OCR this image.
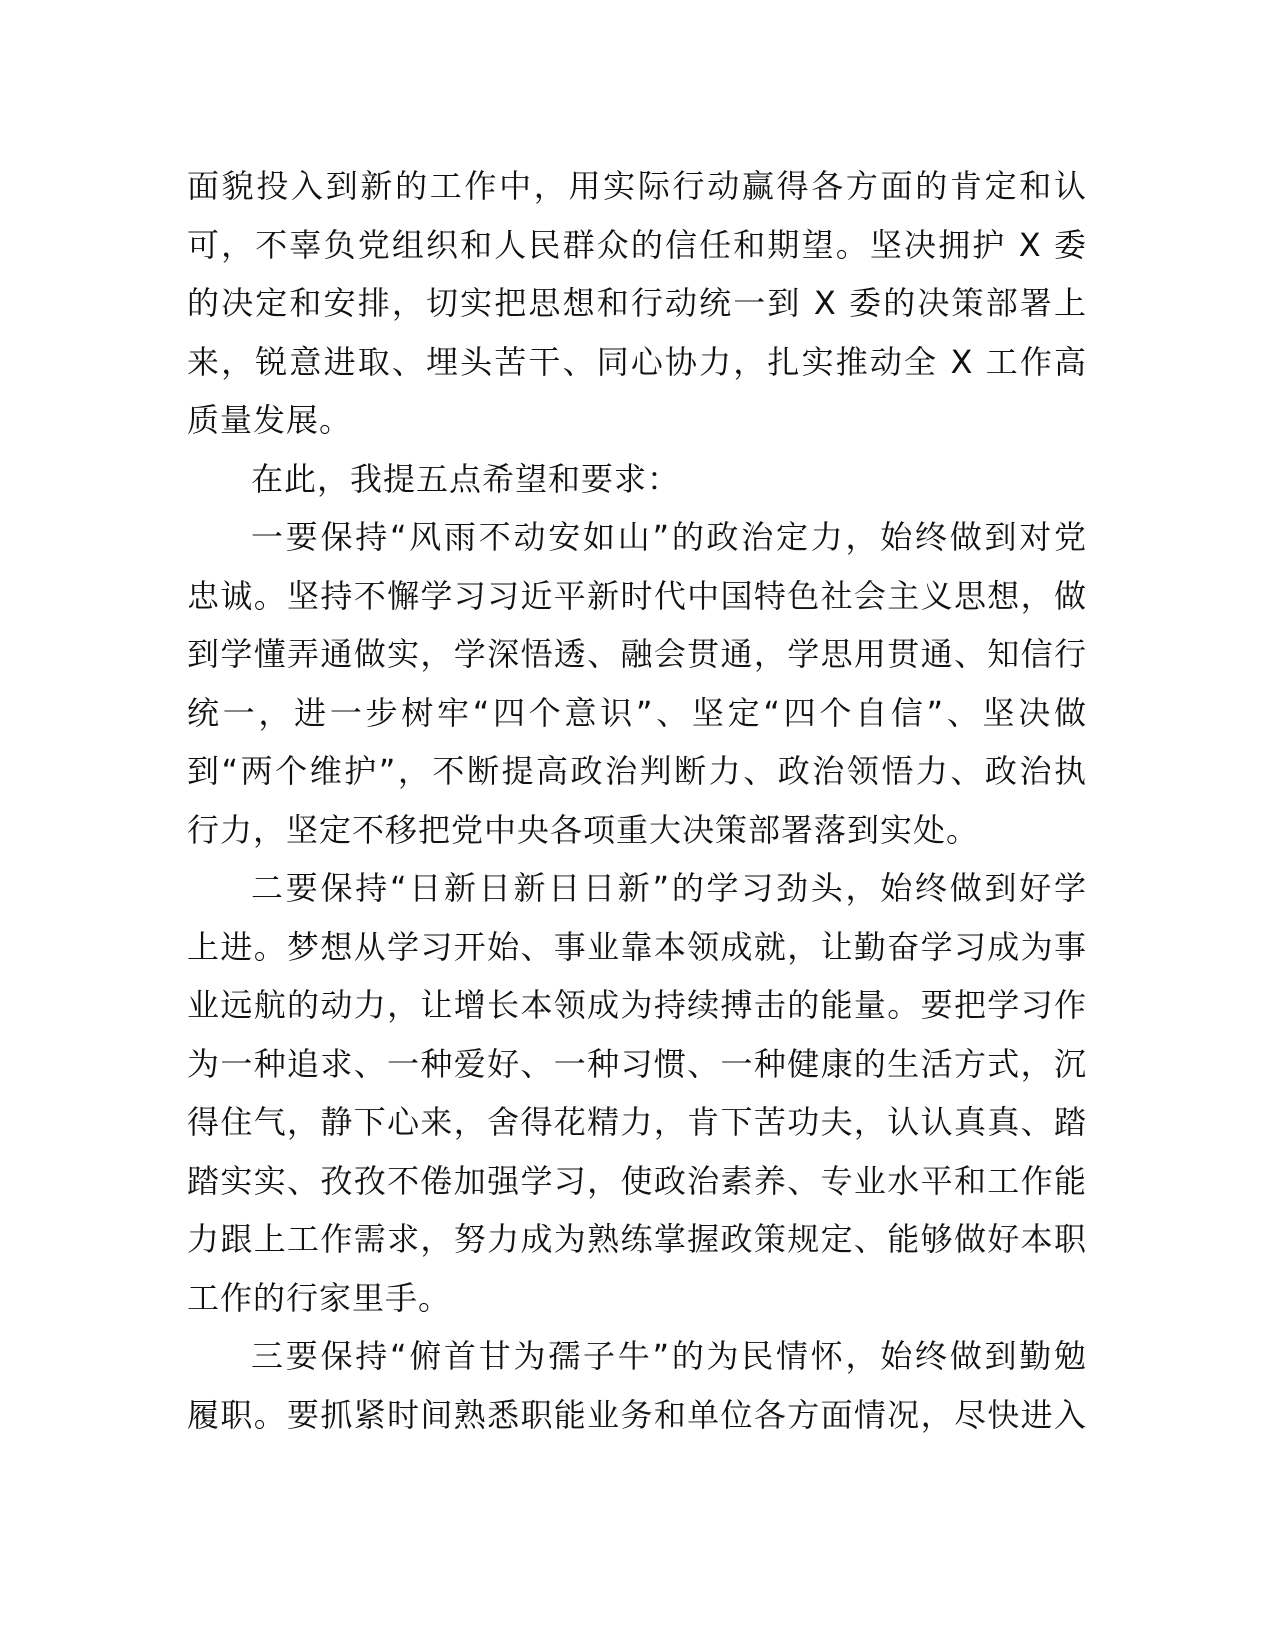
面貌投入到新的工作中，用实际行动赢得各方面的肯定和认
可，不辜负党组织和人民群众的信任和期望。坚决拥护 X 委
的决定和安排，切实把思想和行动统一到 X 委的决策部署上
来，锐意进取、埋头苦干、同心协力，扎实推动全 X 工作高
质量发展。
在此，我提五点希望和要求：
一要保持“风雨不动安如山”的政治定力，始终做到对党
忠诚。坚持不懈学习习近平新时代中国特色社会主义思想，做
到学懂弄通做实，学深悟透、融会贯通，学思用贯通、知信行
统一，进一步树牢“四个意识”、坚定“四个自信”、坚决做
到“两个维护”，不断提高政治判断力、政治领悟力、政治执
行力，坚定不移把党中央各项重大决策部署落到实处。
二要保持“日新日新日日新”的学习劲头，始终做到好学
上进。梦想从学习开始、事业靠本领成就，让勤奋学习成为事
业远航的动力，让增长本领成为持续搏击的能量。要把学习作
为一种追求、一种爱好、一种习惯、一种健康的生活方式，沉
得住气，静下心来，舍得花精力，肯下苦功夫，认认真真、踏
踏实实、孜孜不倦加强学习，使政治素养、专业水平和工作能
力跟上工作需求，努力成为熟练掌握政策规定、能够做好本职
工作的行家里手。
三要保持“俯首甘为孺子牛”的为民情怀，始终做到勤勉
履职。要抓紧时间熟悉职能业务和单位各方面情况，尽快进入
